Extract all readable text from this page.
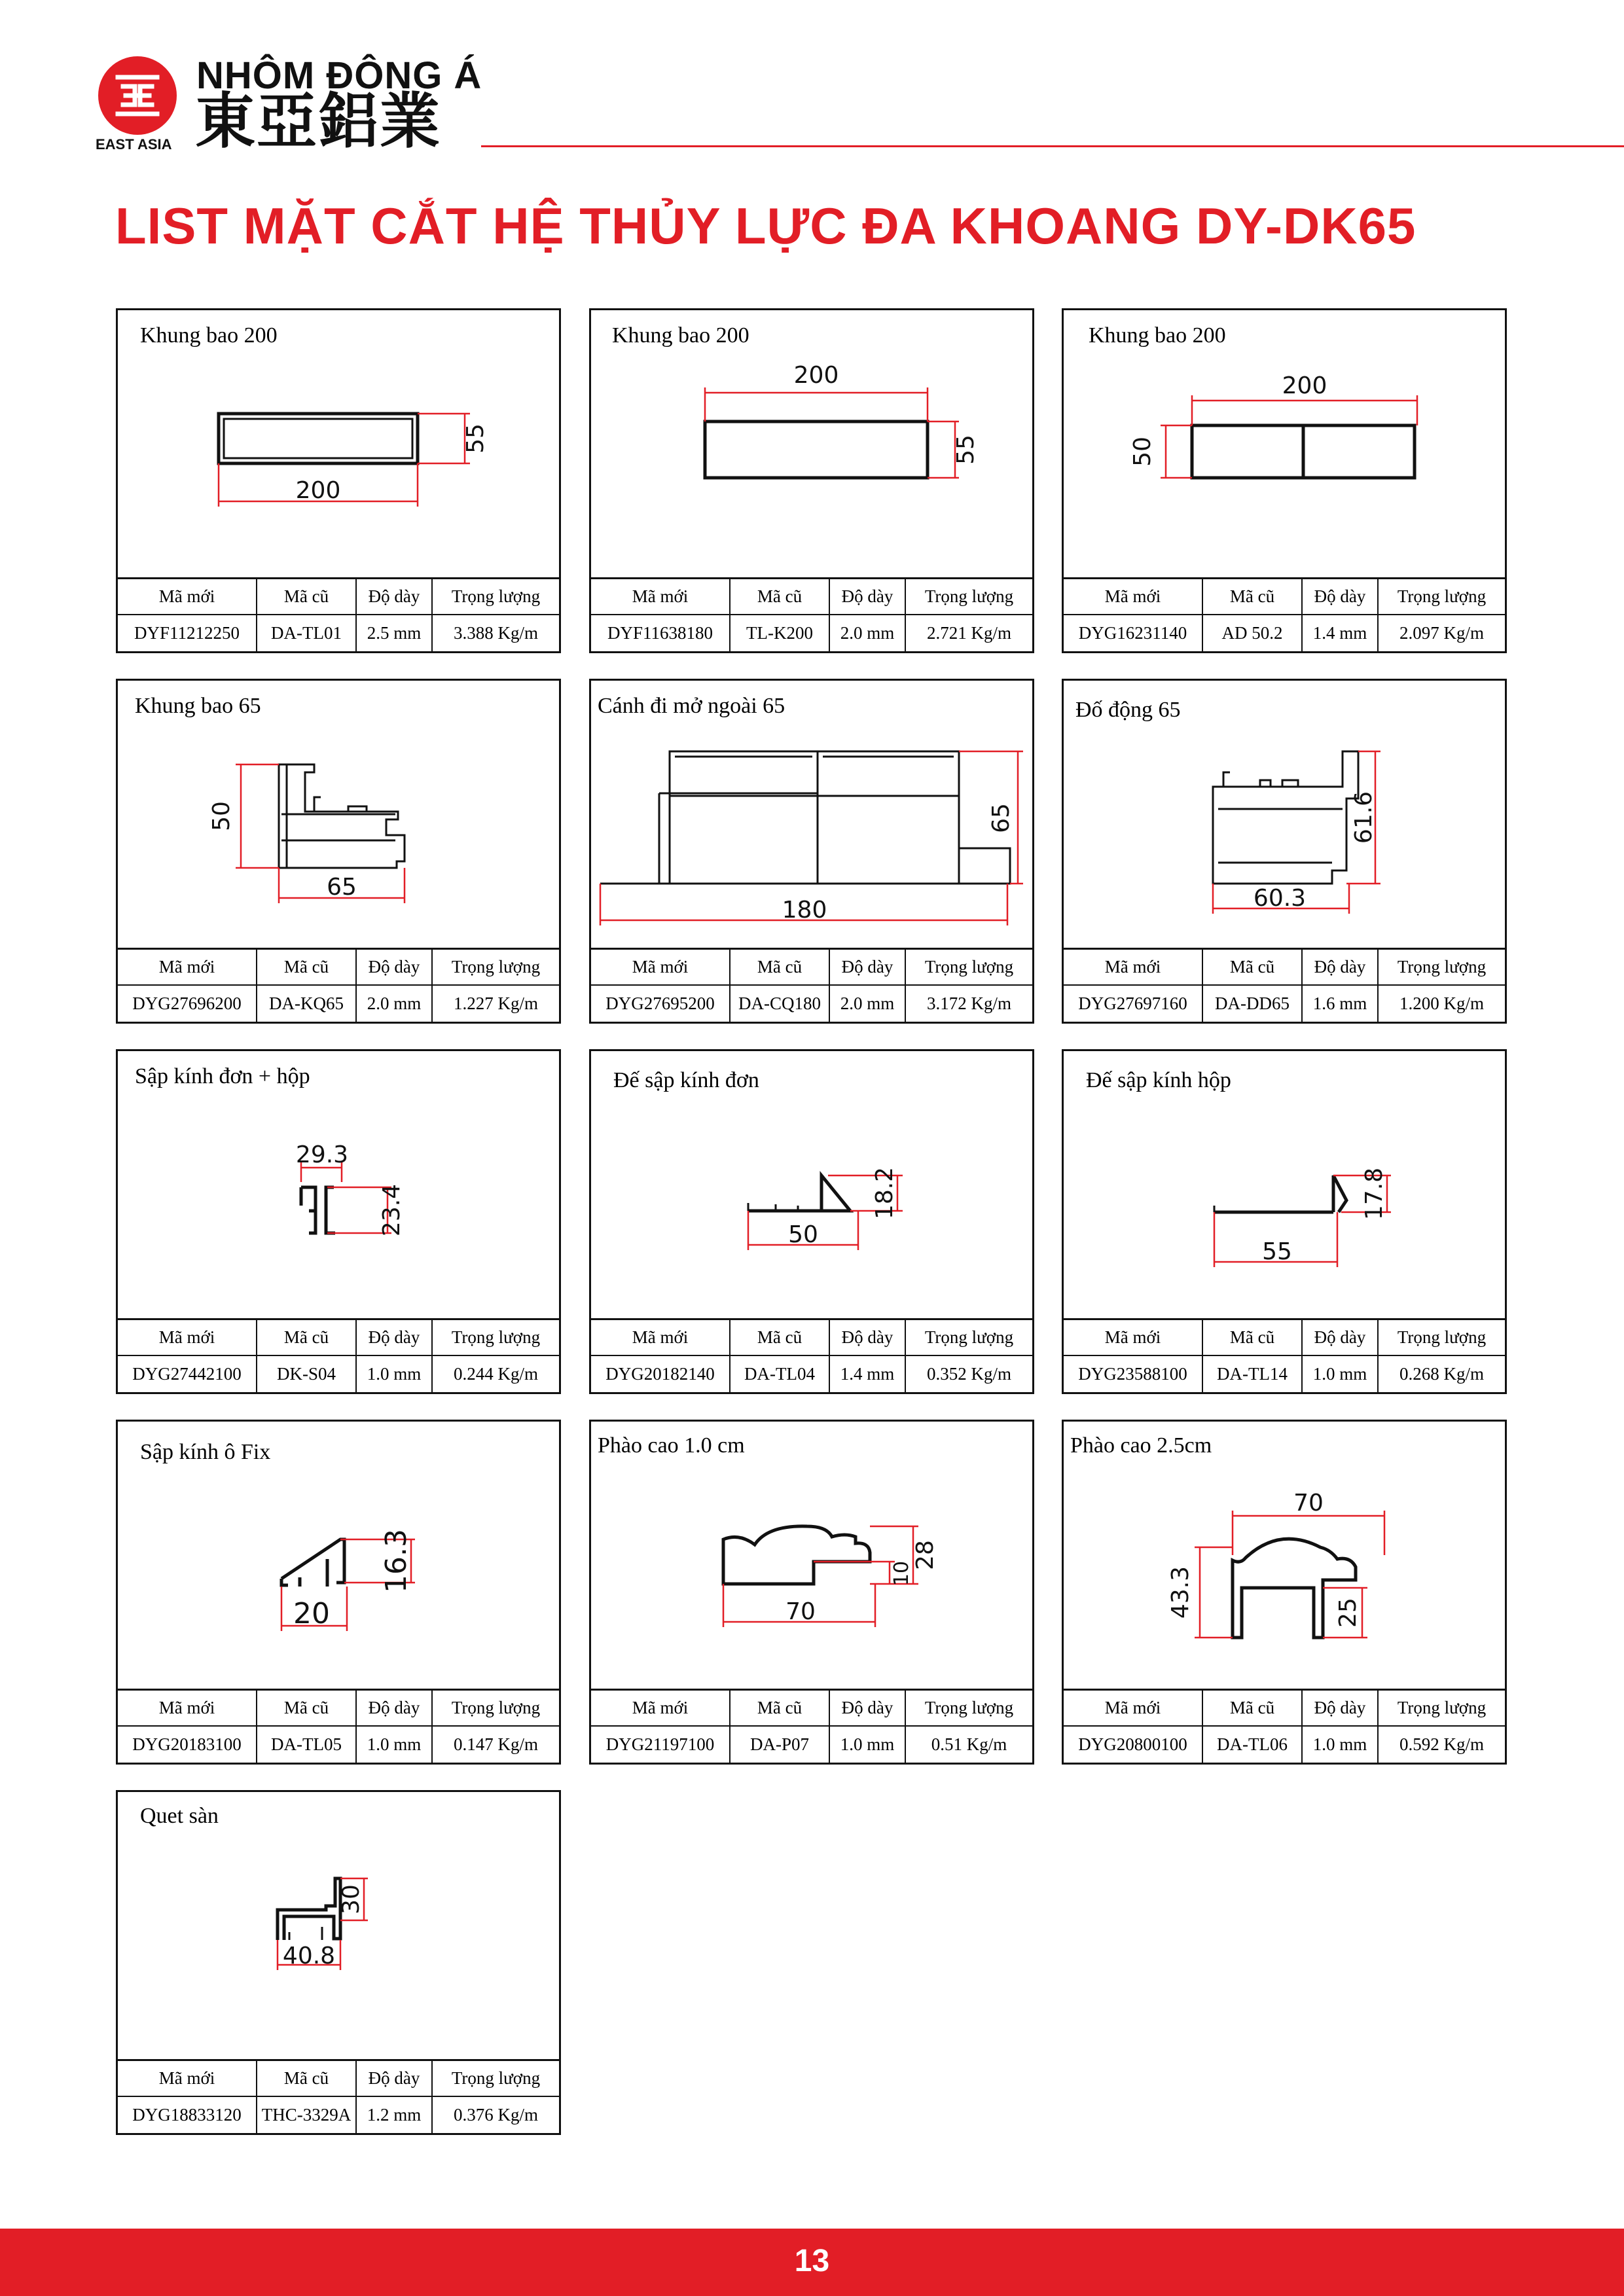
NHÔM ĐÔNG Á
東亞鋁業
EAST ASIA
LIST MẶT CẮT HỆ THỦY LỰC ĐA KHOANG DY-DK65
Khung bao 200
55
200
Mã mới	Mã cũ	Độ dày	Trọng lượng
DYF11212250	DA-TL01	2.5 mm	3.388 Kg/m
Khung bao 200
200
55
Mã mới	Mã cũ	Độ dày	Trọng lượng
DYF11638180	TL-K200	2.0 mm	2.721 Kg/m
Khung bao 200
200
50
Mã mới	Mã cũ	Độ dày	Trọng lượng
DYG16231140	AD 50.2	1.4 mm	2.097 Kg/m
Khung bao 65
50
65
Mã mới	Mã cũ	Độ dày	Trọng lượng
DYG27696200	DA-KQ65	2.0 mm	1.227 Kg/m
Cánh đi mở ngoài 65
65
180
Mã mới	Mã cũ	Độ dày	Trọng lượng
DYG27695200	DA-CQ180	2.0 mm	3.172 Kg/m
Đố động 65
61.6
60.3
Mã mới	Mã cũ	Độ dày	Trọng lượng
DYG27697160	DA-DD65	1.6 mm	1.200 Kg/m
Sập kính đơn + hộp
29.3
23.4
Mã mới	Mã cũ	Độ dày	Trọng lượng
DYG27442100	DK-S04	1.0 mm	0.244 Kg/m
Đế sập kính đơn
18.2
50
Mã mới	Mã cũ	Độ dày	Trọng lượng
DYG20182140	DA-TL04	1.4 mm	0.352 Kg/m
Đế sập kính hộp
17.8
55
Mã mới	Mã cũ	Độ dày	Trọng lượng
DYG23588100	DA-TL14	1.0 mm	0.268 Kg/m
Sập kính ô Fix
16.3
20
Mã mới	Mã cũ	Độ dày	Trọng lượng
DYG20183100	DA-TL05	1.0 mm	0.147 Kg/m
Phào cao 1.0 cm
28
10
70
Mã mới	Mã cũ	Độ dày	Trọng lượng
DYG21197100	DA-P07	1.0 mm	0.51 Kg/m
Phào cao 2.5cm
70
43.3	25
Mã mới	Mã cũ	Độ dày	Trọng lượng
DYG20800100	DA-TL06	1.0 mm	0.592 Kg/m
Quet sàn
30
40.8
Mã mới	Mã cũ	Độ dày	Trọng lượng
DYG18833120	THC-3329A	1.2 mm	0.376 Kg/m
13
